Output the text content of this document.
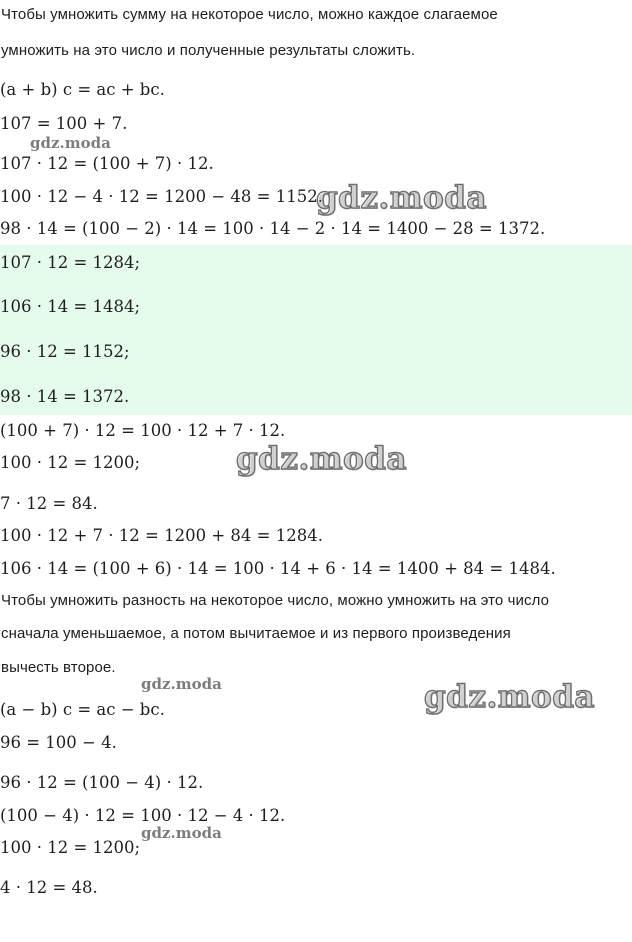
Чтобы умножить сумму на некоторое число, можно каждое слагаемое
умножить на это число и полученные результаты сложить.
(a + b) c = ac + bc.
107 = 100 + 7.
107 · 12 = (100 + 7) · 12.
100 · 12 − 4 · 12 = 1200 − 48 = 1152.
98 · 14 = (100 − 2) · 14 = 100 · 14 − 2 · 14 = 1400 − 28 = 1372.
107 · 12 = 1284;
106 · 14 = 1484;
96 · 12 = 1152;
98 · 14 = 1372.
(100 + 7) · 12 = 100 · 12 + 7 · 12.
100 · 12 = 1200;
7 · 12 = 84.
100 · 12 + 7 · 12 = 1200 + 84 = 1284.
106 · 14 = (100 + 6) · 14 = 100 · 14 + 6 · 14 = 1400 + 84 = 1484.
Чтобы умножить разность на некоторое число, можно умножить на это число
сначала уменьшаемое, а потом вычитаемое и из первого произведения
вычесть второе.
(a − b) c = ac − bc.
96 = 100 − 4.
96 · 12 = (100 − 4) · 12.
(100 − 4) · 12 = 100 · 12 − 4 · 12.
100 · 12 = 1200;
4 · 12 = 48.
gdz.moda
gdz.moda
gdz.moda
gdz.moda	gdz.moda
gdz.moda
